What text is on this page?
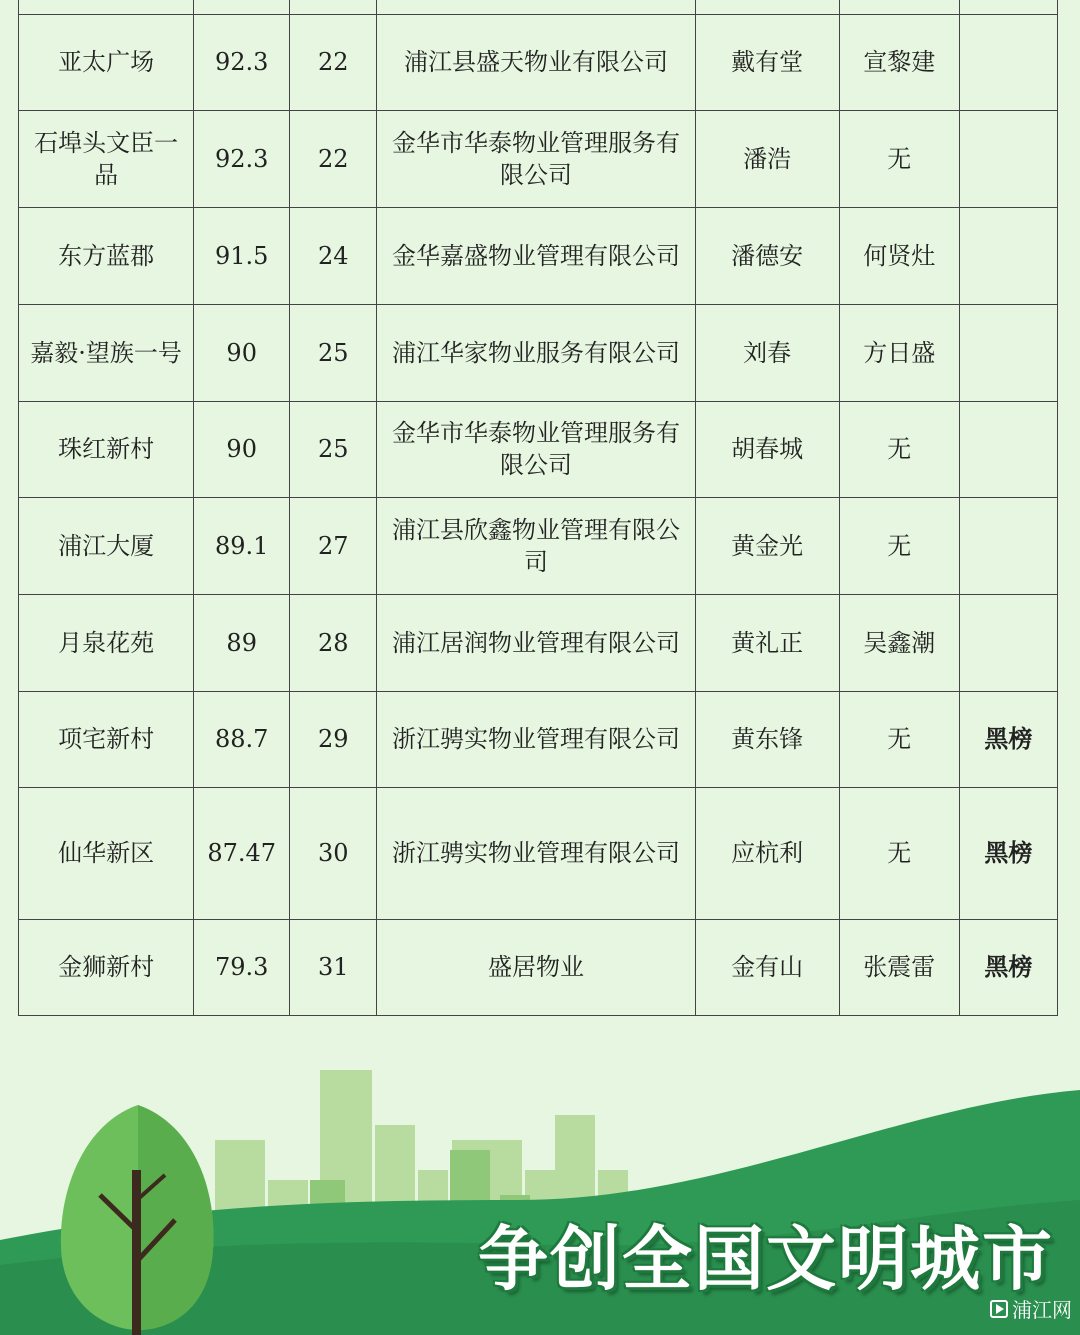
亚太广场	92.3	22	浦江县盛天物业有限公司	戴有堂	宣黎建	
石埠头文臣一品	92.3	22	金华市华泰物业管理服务有限公司	潘浩	无	
东方蓝郡	91.5	24	金华嘉盛物业管理有限公司	潘德安	何贤灶	
嘉毅·望族一号	90	25	浦江华家物业服务有限公司	刘春	方日盛	
珠红新村	90	25	金华市华泰物业管理服务有限公司	胡春城	无	
浦江大厦	89.1	27	浦江县欣鑫物业管理有限公司	黄金光	无	
月泉花苑	89	28	浦江居润物业管理有限公司	黄礼正	吴鑫潮	
项宅新村	88.7	29	浙江骋实物业管理有限公司	黄东锋	无	黑榜
仙华新区	87.47	30	浙江骋实物业管理有限公司	应杭利	无	黑榜
金狮新村	79.3	31	盛居物业	金有山	张震雷	黑榜
争创全国文明城市
浦江网
